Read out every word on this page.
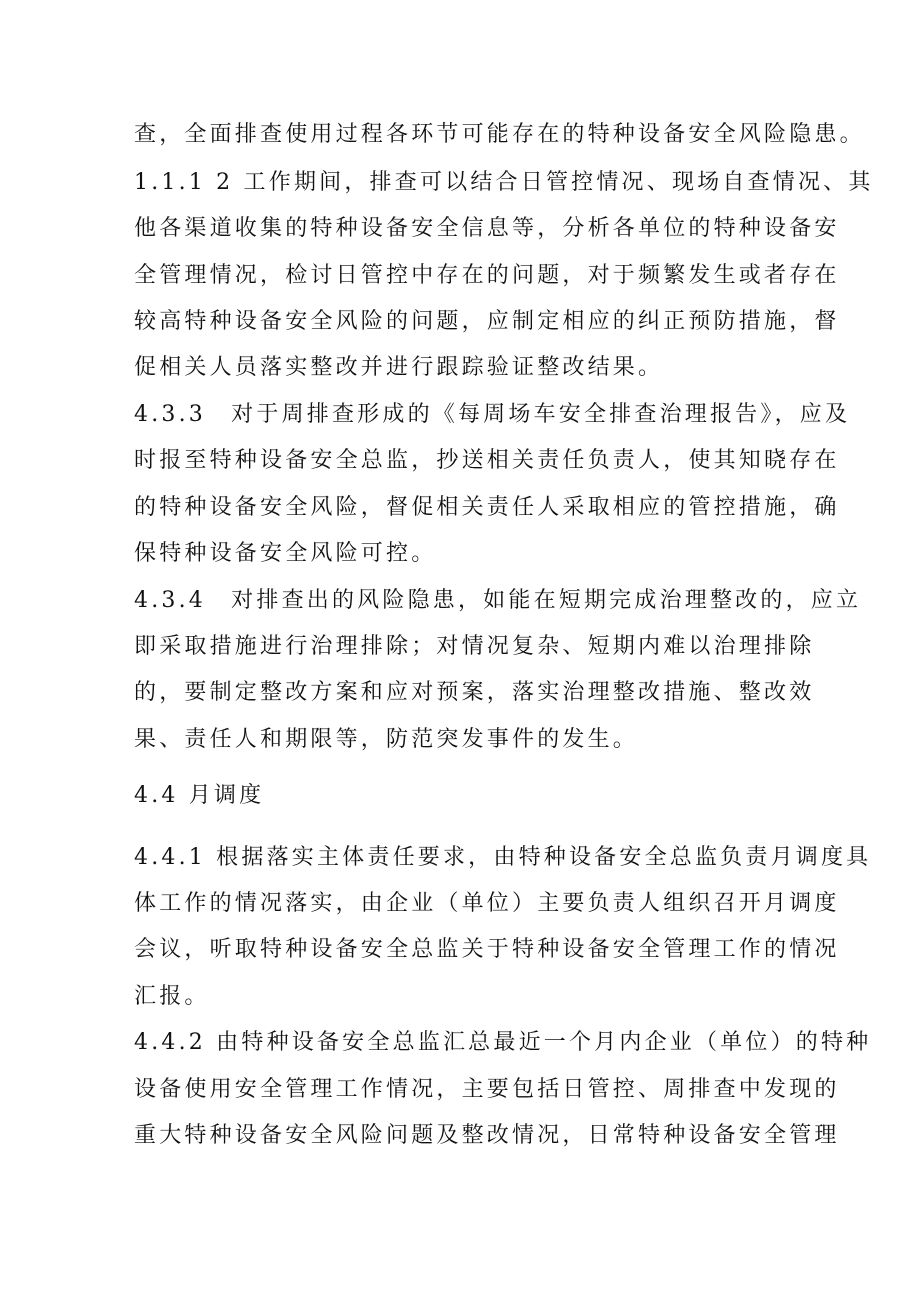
查，全面排查使用过程各环节可能存在的特种设备安全风险隐患。
1.1.1 2 工作期间，排查可以结合日管控情况、现场自查情况、其
他各渠道收集的特种设备安全信息等，分析各单位的特种设备安
全管理情况，检讨日管控中存在的问题，对于频繁发生或者存在
较高特种设备安全风险的问题，应制定相应的纠正预防措施，督
促相关人员落实整改并进行跟踪验证整改结果。
4.3.3　对于周排查形成的《每周场车安全排查治理报告》，应及
时报至特种设备安全总监，抄送相关责任负责人，使其知晓存在
的特种设备安全风险，督促相关责任人采取相应的管控措施，确
保特种设备安全风险可控。
4.3.4　对排查出的风险隐患，如能在短期完成治理整改的，应立
即采取措施进行治理排除；对情况复杂、短期内难以治理排除
的，要制定整改方案和应对预案，落实治理整改措施、整改效
果、责任人和期限等，防范突发事件的发生。
4.4 月调度
4.4.1 根据落实主体责任要求，由特种设备安全总监负责月调度具
体工作的情况落实，由企业（单位）主要负责人组织召开月调度
会议，听取特种设备安全总监关于特种设备安全管理工作的情况
汇报。
4.4.2 由特种设备安全总监汇总最近一个月内企业（单位）的特种
设备使用安全管理工作情况，主要包括日管控、周排查中发现的
重大特种设备安全风险问题及整改情况，日常特种设备安全管理
